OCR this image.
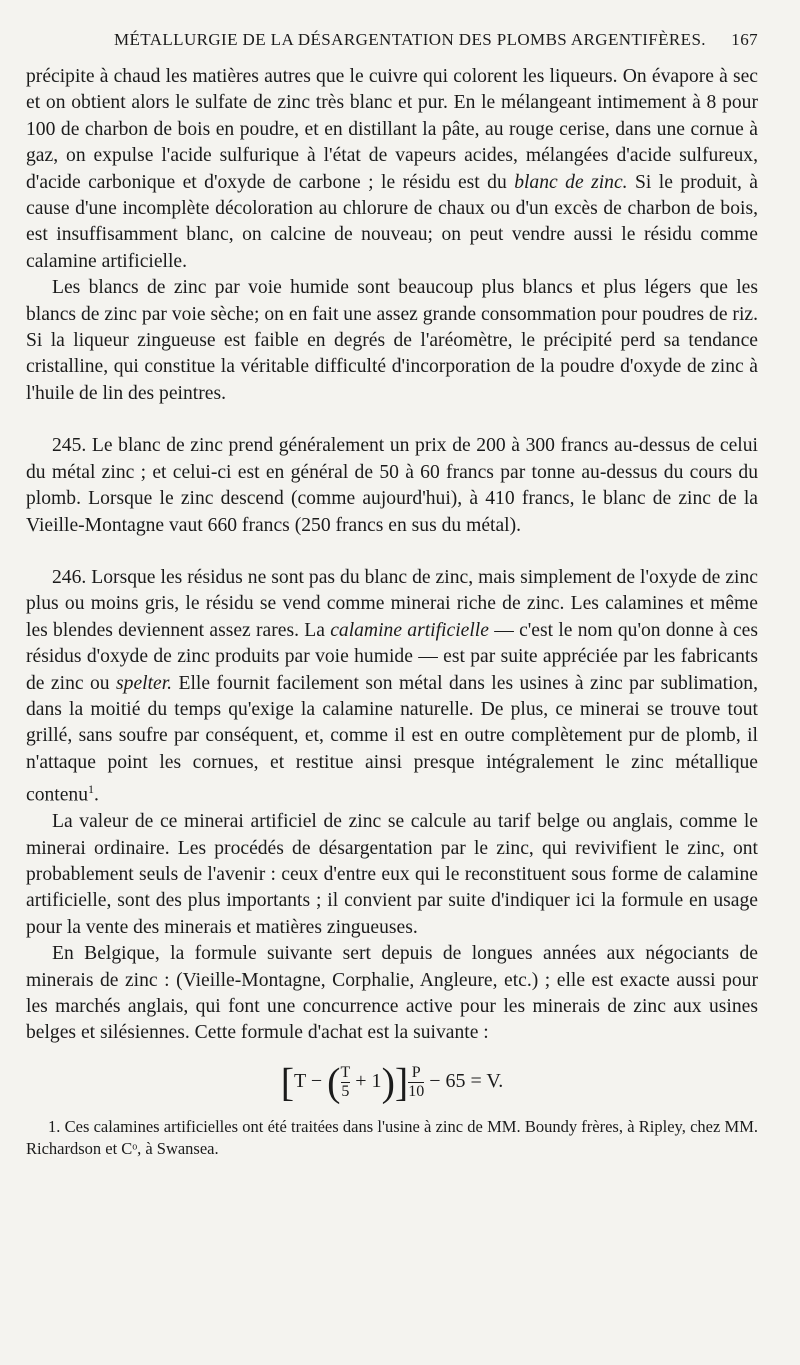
MÉTALLURGIE DE LA DÉSARGENTATION DES PLOMBS ARGENTIFÈRES. 167

précipite à chaud les matières autres que le cuivre qui colorent les liqueurs. On évapore à sec et on obtient alors le sulfate de zinc très blanc et pur. En le mélangeant intimement à 8 pour 100 de charbon de bois en poudre, et en distillant la pâte, au rouge cerise, dans une cornue à gaz, on expulse l'acide sulfurique à l'état de vapeurs acides, mélangées d'acide sulfureux, d'acide carbonique et d'oxyde de carbone ; le résidu est du blanc de zinc. Si le produit, à cause d'une incomplète décoloration au chlorure de chaux ou d'un excès de charbon de bois, est insuffisamment blanc, on calcine de nouveau; on peut vendre aussi le résidu comme calamine artificielle.

Les blancs de zinc par voie humide sont beaucoup plus blancs et plus légers que les blancs de zinc par voie sèche; on en fait une assez grande consommation pour poudres de riz. Si la liqueur zingueuse est faible en degrés de l'aréomètre, le précipité perd sa tendance cristalline, qui constitue la véritable difficulté d'incorporation de la poudre d'oxyde de zinc à l'huile de lin des peintres.

245. Le blanc de zinc prend généralement un prix de 200 à 300 francs au-dessus de celui du métal zinc ; et celui-ci est en général de 50 à 60 francs par tonne au-dessus du cours du plomb. Lorsque le zinc descend (comme aujourd'hui), à 410 francs, le blanc de zinc de la Vieille-Montagne vaut 660 francs (250 francs en sus du métal).

246. Lorsque les résidus ne sont pas du blanc de zinc, mais simplement de l'oxyde de zinc plus ou moins gris, le résidu se vend comme minerai riche de zinc. Les calamines et même les blendes deviennent assez rares. La calamine artificielle — c'est le nom qu'on donne à ces résidus d'oxyde de zinc produits par voie humide — est par suite appréciée par les fabricants de zinc ou spelter. Elle fournit facilement son métal dans les usines à zinc par sublimation, dans la moitié du temps qu'exige la calamine naturelle. De plus, ce minerai se trouve tout grillé, sans soufre par conséquent, et, comme il est en outre complètement pur de plomb, il n'attaque point les cornues, et restitue ainsi presque intégralement le zinc métallique contenu$^1$.

La valeur de ce minerai artificiel de zinc se calcule au tarif belge ou anglais, comme le minerai ordinaire. Les procédés de désargentation par le zinc, qui revivifient le zinc, ont probablement seuls de l'avenir : ceux d'entre eux qui le reconstituent sous forme de calamine artificielle, sont des plus importants ; il convient par suite d'indiquer ici la formule en usage pour la vente des minerais et matières zingueuses.

En Belgique, la formule suivante sert depuis de longues années aux négociants de minerais de zinc : (Vieille-Montagne, Corphalie, Angleure, etc.) ; elle est exacte aussi pour les marchés anglais, qui font une concurrence active pour les minerais de zinc aux usines belges et silésiennes. Cette formule d'achat est la suivante :

[T − ( $\frac{T}{5} + 1)] \frac{P}{10} - 65 = V$.
1. Ces calamines artificielles ont été traitées dans l'usine à zinc de MM. Boundy frères, à Ripley, chez MM. Richardson et Cᵒ, à Swansea.
